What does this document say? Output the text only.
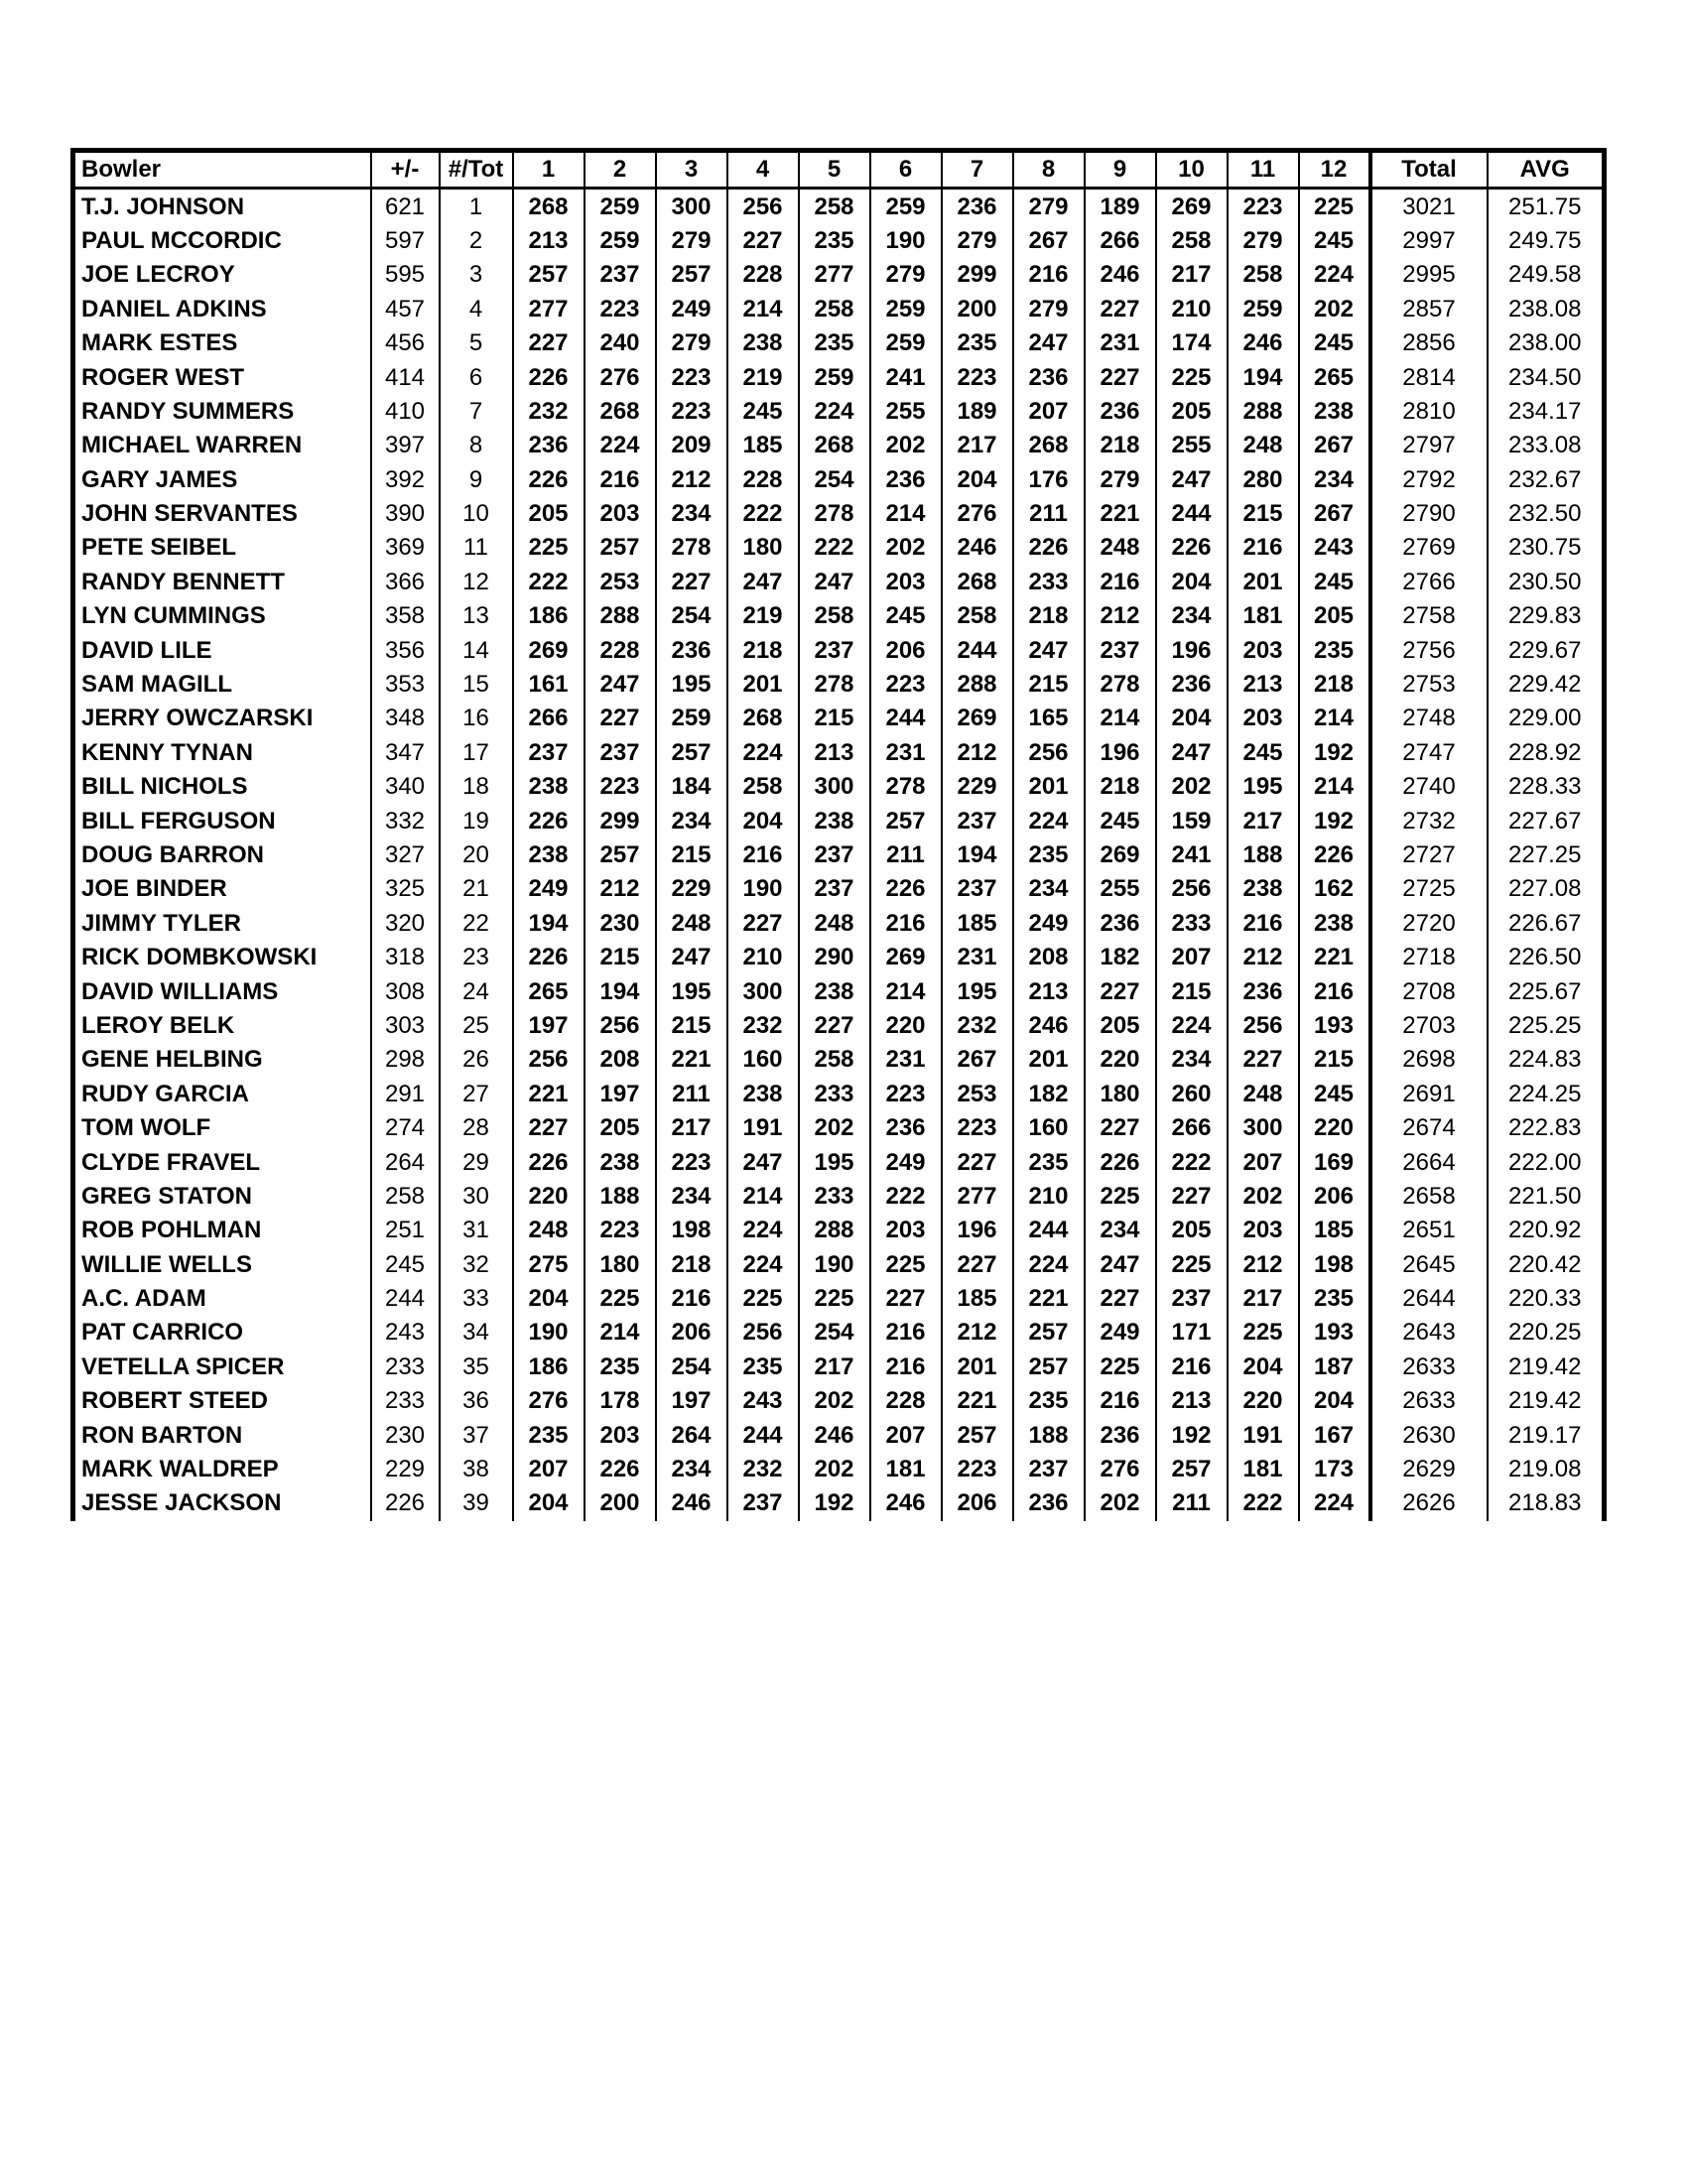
Bowler	+/-	#/Tot	1	2	3	4	5	6	7	8	9	10	11	12	Total	AVG
T.J. JOHNSON	621	1	268	259	300	256	258	259	236	279	189	269	223	225	3021	251.75
PAUL MCCORDIC	597	2	213	259	279	227	235	190	279	267	266	258	279	245	2997	249.75
JOE LECROY	595	3	257	237	257	228	277	279	299	216	246	217	258	224	2995	249.58
DANIEL ADKINS	457	4	277	223	249	214	258	259	200	279	227	210	259	202	2857	238.08
MARK ESTES	456	5	227	240	279	238	235	259	235	247	231	174	246	245	2856	238.00
ROGER WEST	414	6	226	276	223	219	259	241	223	236	227	225	194	265	2814	234.50
RANDY SUMMERS	410	7	232	268	223	245	224	255	189	207	236	205	288	238	2810	234.17
MICHAEL WARREN	397	8	236	224	209	185	268	202	217	268	218	255	248	267	2797	233.08
GARY JAMES	392	9	226	216	212	228	254	236	204	176	279	247	280	234	2792	232.67
JOHN SERVANTES	390	10	205	203	234	222	278	214	276	211	221	244	215	267	2790	232.50
PETE SEIBEL	369	11	225	257	278	180	222	202	246	226	248	226	216	243	2769	230.75
RANDY BENNETT	366	12	222	253	227	247	247	203	268	233	216	204	201	245	2766	230.50
LYN CUMMINGS	358	13	186	288	254	219	258	245	258	218	212	234	181	205	2758	229.83
DAVID LILE	356	14	269	228	236	218	237	206	244	247	237	196	203	235	2756	229.67
SAM MAGILL	353	15	161	247	195	201	278	223	288	215	278	236	213	218	2753	229.42
JERRY OWCZARSKI	348	16	266	227	259	268	215	244	269	165	214	204	203	214	2748	229.00
KENNY TYNAN	347	17	237	237	257	224	213	231	212	256	196	247	245	192	2747	228.92
BILL NICHOLS	340	18	238	223	184	258	300	278	229	201	218	202	195	214	2740	228.33
BILL FERGUSON	332	19	226	299	234	204	238	257	237	224	245	159	217	192	2732	227.67
DOUG BARRON	327	20	238	257	215	216	237	211	194	235	269	241	188	226	2727	227.25
JOE BINDER	325	21	249	212	229	190	237	226	237	234	255	256	238	162	2725	227.08
JIMMY TYLER	320	22	194	230	248	227	248	216	185	249	236	233	216	238	2720	226.67
RICK DOMBKOWSKI	318	23	226	215	247	210	290	269	231	208	182	207	212	221	2718	226.50
DAVID WILLIAMS	308	24	265	194	195	300	238	214	195	213	227	215	236	216	2708	225.67
LEROY BELK	303	25	197	256	215	232	227	220	232	246	205	224	256	193	2703	225.25
GENE HELBING	298	26	256	208	221	160	258	231	267	201	220	234	227	215	2698	224.83
RUDY GARCIA	291	27	221	197	211	238	233	223	253	182	180	260	248	245	2691	224.25
TOM WOLF	274	28	227	205	217	191	202	236	223	160	227	266	300	220	2674	222.83
CLYDE FRAVEL	264	29	226	238	223	247	195	249	227	235	226	222	207	169	2664	222.00
GREG STATON	258	30	220	188	234	214	233	222	277	210	225	227	202	206	2658	221.50
ROB POHLMAN	251	31	248	223	198	224	288	203	196	244	234	205	203	185	2651	220.92
WILLIE WELLS	245	32	275	180	218	224	190	225	227	224	247	225	212	198	2645	220.42
A.C. ADAM	244	33	204	225	216	225	225	227	185	221	227	237	217	235	2644	220.33
PAT CARRICO	243	34	190	214	206	256	254	216	212	257	249	171	225	193	2643	220.25
VETELLA SPICER	233	35	186	235	254	235	217	216	201	257	225	216	204	187	2633	219.42
ROBERT STEED	233	36	276	178	197	243	202	228	221	235	216	213	220	204	2633	219.42
RON BARTON	230	37	235	203	264	244	246	207	257	188	236	192	191	167	2630	219.17
MARK WALDREP	229	38	207	226	234	232	202	181	223	237	276	257	181	173	2629	219.08
JESSE JACKSON	226	39	204	200	246	237	192	246	206	236	202	211	222	224	2626	218.83
